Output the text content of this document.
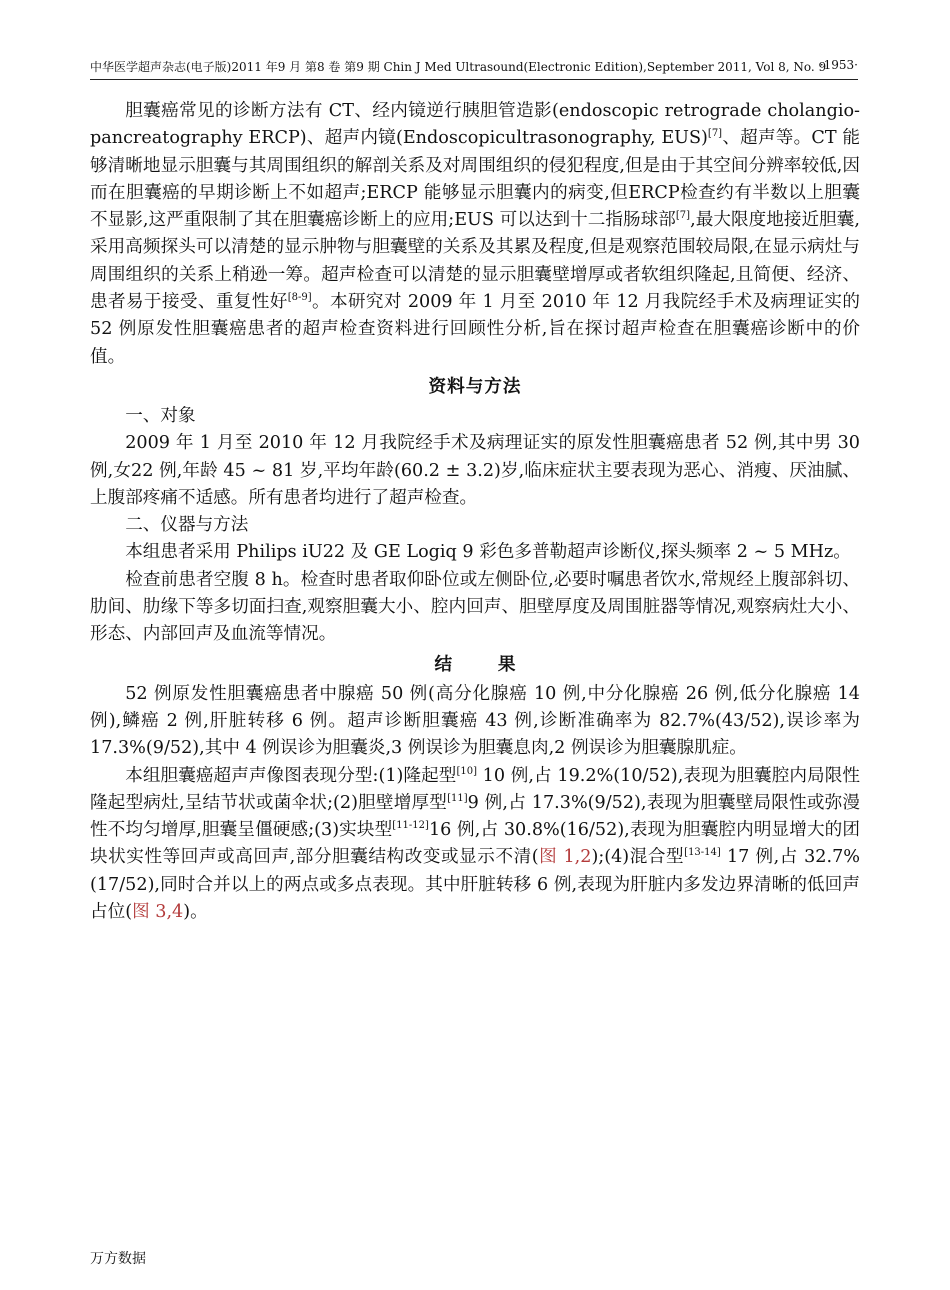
中华医学超声杂志(电子版)2011 年9 月 第8 卷 第9 期 Chin J Med Ultrasound(Electronic Edition),September 2011, Vol 8, No. 9
·1953·

胆囊癌常见的诊断方法有 CT、经内镜逆行胰胆管造影(endoscopic retrograde cholangio-pancreatography ERCP)、超声内镜(Endoscopicultrasonography, EUS)[7]、超声等。CT 能够清晰地显示胆囊与其周围组织的解剖关系及对周围组织的侵犯程度,但是由于其空间分辨率较低,因而在胆囊癌的早期诊断上不如超声;ERCP 能够显示胆囊内的病变,但ERCP检查约有半数以上胆囊不显影,这严重限制了其在胆囊癌诊断上的应用;EUS 可以达到十二指肠球部[7],最大限度地接近胆囊,采用高频探头可以清楚的显示肿物与胆囊壁的关系及其累及程度,但是观察范围较局限,在显示病灶与周围组织的关系上稍逊一筹。超声检查可以清楚的显示胆囊壁增厚或者软组织隆起,且简便、经济、患者易于接受、重复性好[8-9]。本研究对 2009 年 1 月至 2010 年 12 月我院经手术及病理证实的 52 例原发性胆囊癌患者的超声检查资料进行回顾性分析,旨在探讨超声检查在胆囊癌诊断中的价值。

资料与方法
一、对象

2009 年 1 月至 2010 年 12 月我院经手术及病理证实的原发性胆囊癌患者 52 例,其中男 30 例,女22 例,年龄 45 ~ 81 岁,平均年龄(60.2 ± 3.2)岁,临床症状主要表现为恶心、消瘦、厌油腻、上腹部疼痛不适感。所有患者均进行了超声检查。

二、仪器与方法

本组患者采用 Philips iU22 及 GE Logiq 9 彩色多普勒超声诊断仪,探头频率 2 ~ 5 MHz。

检查前患者空腹 8 h。检查时患者取仰卧位或左侧卧位,必要时嘱患者饮水,常规经上腹部斜切、肋间、肋缘下等多切面扫查,观察胆囊大小、腔内回声、胆壁厚度及周围脏器等情况,观察病灶大小、形态、内部回声及血流等情况。

结果

52 例原发性胆囊癌患者中腺癌 50 例(高分化腺癌 10 例,中分化腺癌 26 例,低分化腺癌 14 例),鳞癌 2 例,肝脏转移 6 例。超声诊断胆囊癌 43 例,诊断准确率为 82.7%(43/52),误诊率为 17.3%(9/52),其中 4 例误诊为胆囊炎,3 例误诊为胆囊息肉,2 例误诊为胆囊腺肌症。

本组胆囊癌超声声像图表现分型:(1)隆起型[10] 10 例,占 19.2%(10/52),表现为胆囊腔内局限性隆起型病灶,呈结节状或菌伞状;(2)胆壁增厚型[11]9 例,占 17.3%(9/52),表现为胆囊壁局限性或弥漫性不均匀增厚,胆囊呈僵硬感;(3)实块型[11-12]16 例,占 30.8%(16/52),表现为胆囊腔内明显增大的团块状实性等回声或高回声,部分胆囊结构改变或显示不清(图 1,2);(4)混合型[13-14] 17 例,占 32.7%(17/52),同时合并以上的两点或多点表现。其中肝脏转移 6 例,表现为肝脏内多发边界清晰的低回声占位(图 3,4)。

万方数据
